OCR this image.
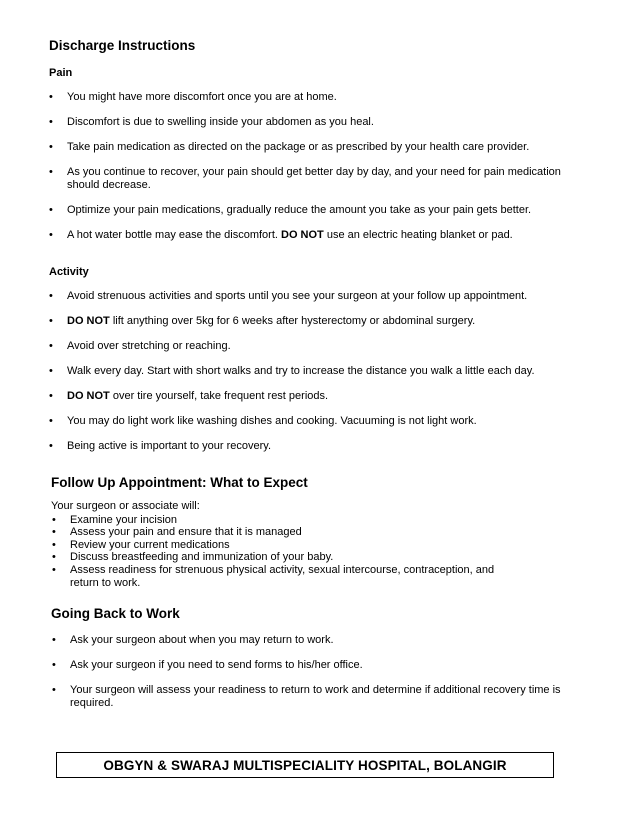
Discharge Instructions
Pain
• You might have more discomfort once you are at home.
• Discomfort is due to swelling inside your abdomen as you heal.
• Take pain medication as directed on the package or as prescribed by your health care provider.
• As you continue to recover, your pain should get better day by day, and your need for pain medication should decrease.
• Optimize your pain medications, gradually reduce the amount you take as your pain gets better.
• A hot water bottle may ease the discomfort. DO NOT use an electric heating blanket or pad.
Activity
• Avoid strenuous activities and sports until you see your surgeon at your follow up appointment.
• DO NOT lift anything over 5kg for 6 weeks after hysterectomy or abdominal surgery.
• Avoid over stretching or reaching.
• Walk every day. Start with short walks and try to increase the distance you walk a little each day.
• DO NOT over tire yourself, take frequent rest periods.
• You may do light work like washing dishes and cooking. Vacuuming is not light work.
• Being active is important to your recovery.
Follow Up Appointment: What to Expect

Your surgeon or associate will:

• Examine your incision
• Assess your pain and ensure that it is managed
• Review your current medications
• Discuss breastfeeding and immunization of your baby.
• Assess readiness for strenuous physical activity, sexual intercourse, contraception, and return to work.
Going Back to Work
• Ask your surgeon about when you may return to work.
• Ask your surgeon if you need to send forms to his/her office.
• Your surgeon will assess your readiness to return to work and determine if additional recovery time is required.
OBGYN & SWARAJ MULTISPECIALITY HOSPITAL, BOLANGIR
